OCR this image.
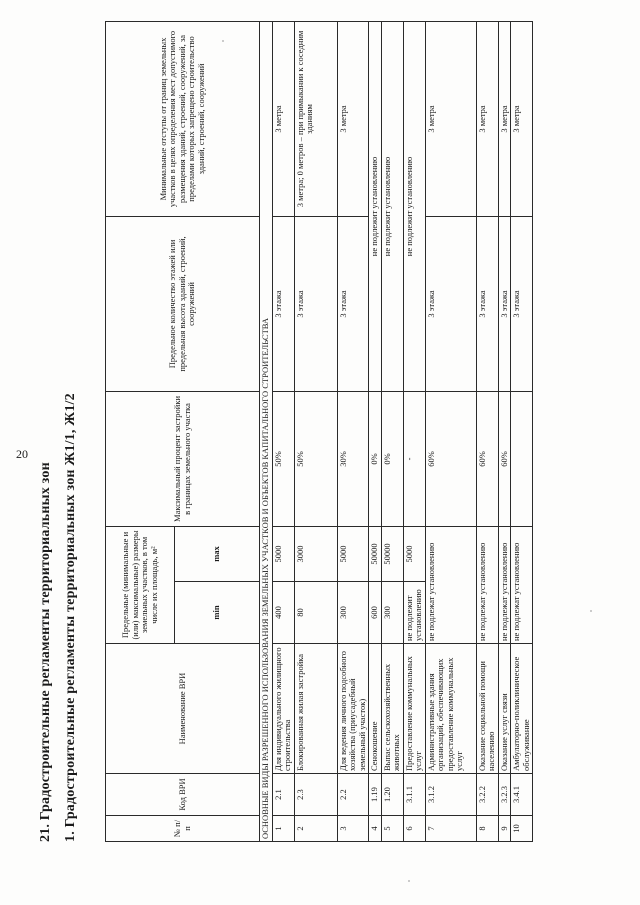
20
21. Градостроительные регламенты территориальных зон 1. Градостроительные регламенты территориальных зон Ж1/1, Ж1/2	№ п/п	Код ВРИ	Наименование ВРИ	Предельные (минимальные и (или) максимальные) размеры земельных участков, в том числе их площадь, м²		Максимальный процент застройки в границах земельного участка	Предельное количество этажей или предельная высота зданий, строений, сооружений	Минимальные отступы от границ земельных участков в целях определения мест допустимого размещения зданий, строений, сооружений, за пределами которых запрещено строительство зданий, строений, сооружений
			min	max			
ОСНОВНЫЕ ВИДЫ РАЗРЕШЕННОГО ИСПОЛЬЗОВАНИЯ ЗЕМЕЛЬНЫХ УЧАСТКОВ И ОБЪЕКТОВ КАПИТАЛЬНОГО СТРОИТЕЛЬСТВА							
1	2.1	Для индивидуального жилищного строительства	400	5000	50%	3 этажа	3 метра
2	2.3	Блокированная жилая застройка	80	3000	50%	3 этажа	3 метра; 0 метров – при примыкании к соседним зданиям
3	2.2	Для ведения личного подсобного хозяйства (приусадебный земельный участок)	300	5000	30%	3 этажа	3 метра
4	1.19	Сенокошение	600	50000	0%	не подлежит установлению	
5	1.20	Выпас сельскохозяйственных животных	300	50000	0%	не подлежит установлению	
6	3.1.1	Предоставление коммунальных услуг	не подлежит установлению	5000	-	не подлежит установлению	
7	3.1.2	Административные здания организаций, обеспечивающих предоставление коммунальных услуг	не подлежат установлению		60%	3 этажа	3 метра
8	3.2.2	Оказание социальной помощи населению	не подлежат установлению		60%	3 этажа	3 метра
9	3.2.3	Оказание услуг связи	не подлежат установлению		60%	3 этажа	3 метра
10	3.4.1	Амбулаторно-поликлиническое обслуживание	не подлежат установлению			3 этажа	3 метра
